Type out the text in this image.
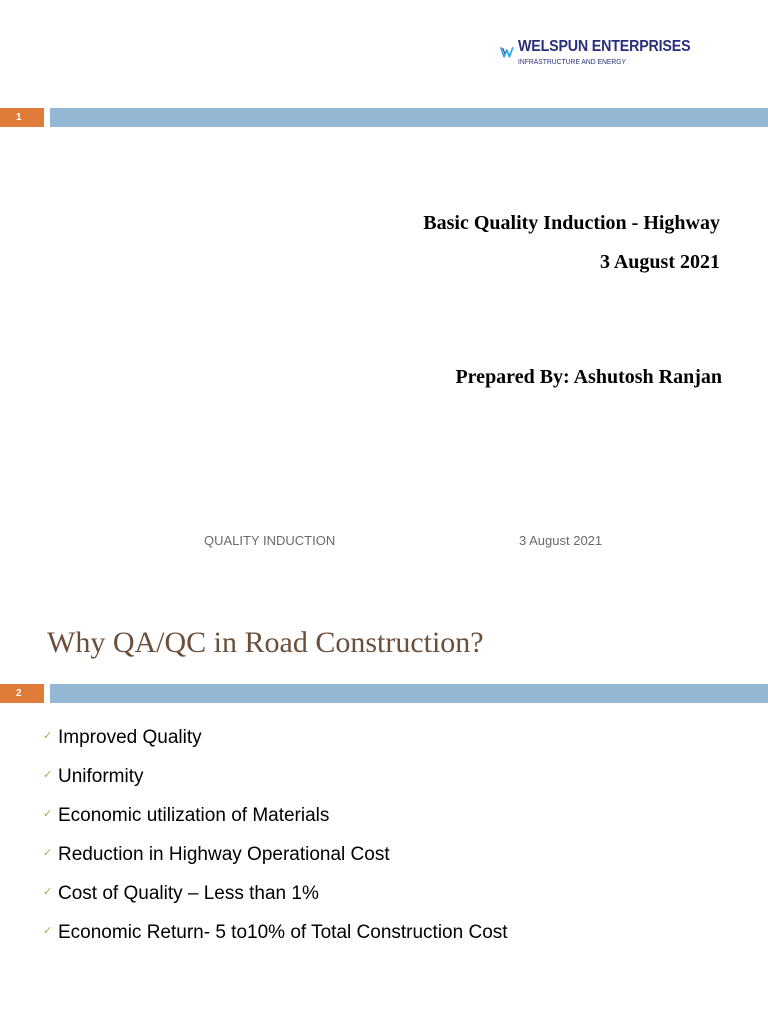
WELSPUN ENTERPRISES
INFRASTRUCTURE AND ENERGY
1
Basic Quality Induction - Highway
3 August 2021
Prepared By: Ashutosh Ranjan
QUALITY INDUCTION	3 August 2021
Why QA/QC in Road Construction?
2
✓ Improved Quality
✓ Uniformity
✓ Economic utilization of Materials
✓ Reduction in Highway Operational Cost
✓ Cost of Quality – Less than 1%
✓ Economic Return- 5 to10% of Total Construction Cost
